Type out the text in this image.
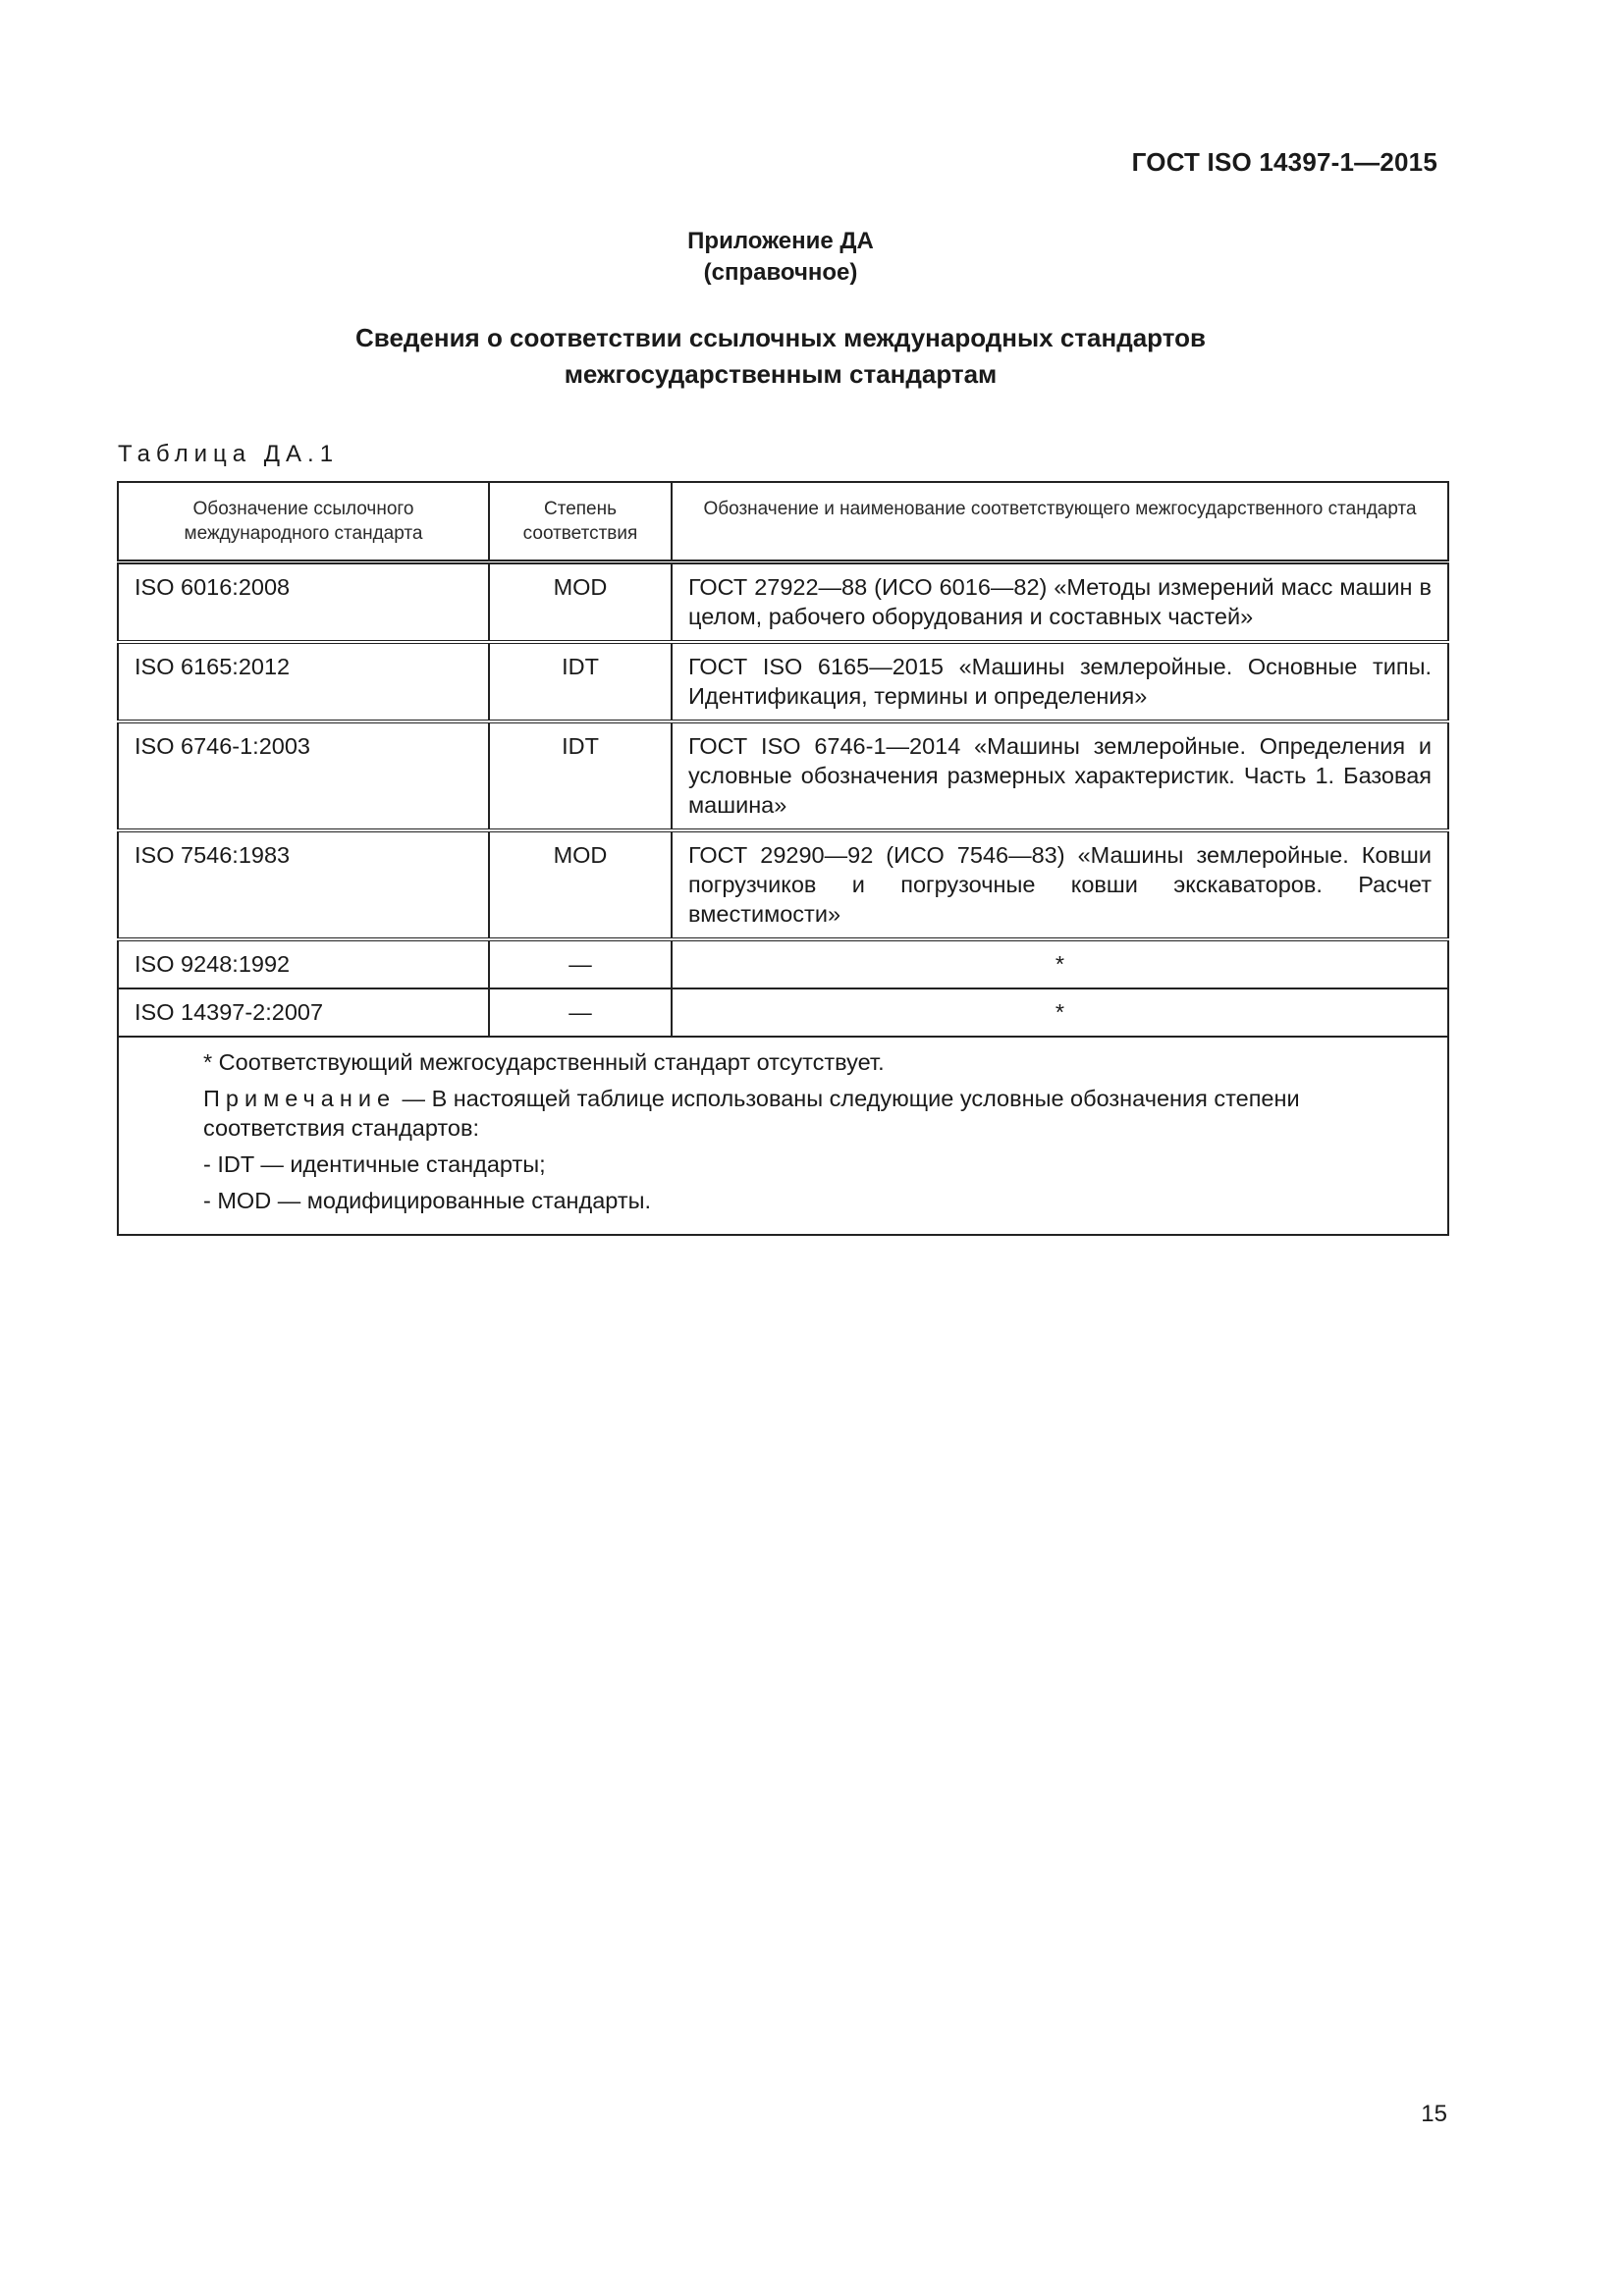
ГОСТ ISO 14397-1—2015
Приложение ДА
(справочное)
Сведения о соответствии ссылочных международных стандартов
межгосударственным стандартам
Таблица ДА.1
Обозначение ссылочного международного стандарта	Степень соответствия	Обозначение и наименование соответствующего межгосударственного стандарта
ISO 6016:2008	MOD	ГОСТ 27922—88 (ИСО 6016—82) «Методы измерений масс машин в целом, рабочего оборудования и составных частей»
ISO 6165:2012	IDT	ГОСТ ISO 6165—2015 «Машины землеройные. Основные типы. Идентификация, термины и определения»
ISO 6746-1:2003	IDT	ГОСТ ISO 6746-1—2014 «Машины землеройные. Определения и условные обозначения размерных характеристик. Часть 1. Базовая машина»
ISO 7546:1983	MOD	ГОСТ 29290—92 (ИСО 7546—83) «Машины землеройные. Ковши погрузчиков и погрузочные ковши экскаваторов. Расчет вместимости»
ISO 9248:1992	—	*
ISO 14397-2:2007	—	*

* Соответствующий межгосударственный стандарт отсутствует.
Примечание — В настоящей таблице использованы следующие условные обозначения степени соответствия стандартов:
- IDT — идентичные стандарты;
- MOD — модифицированные стандарты.		
15
